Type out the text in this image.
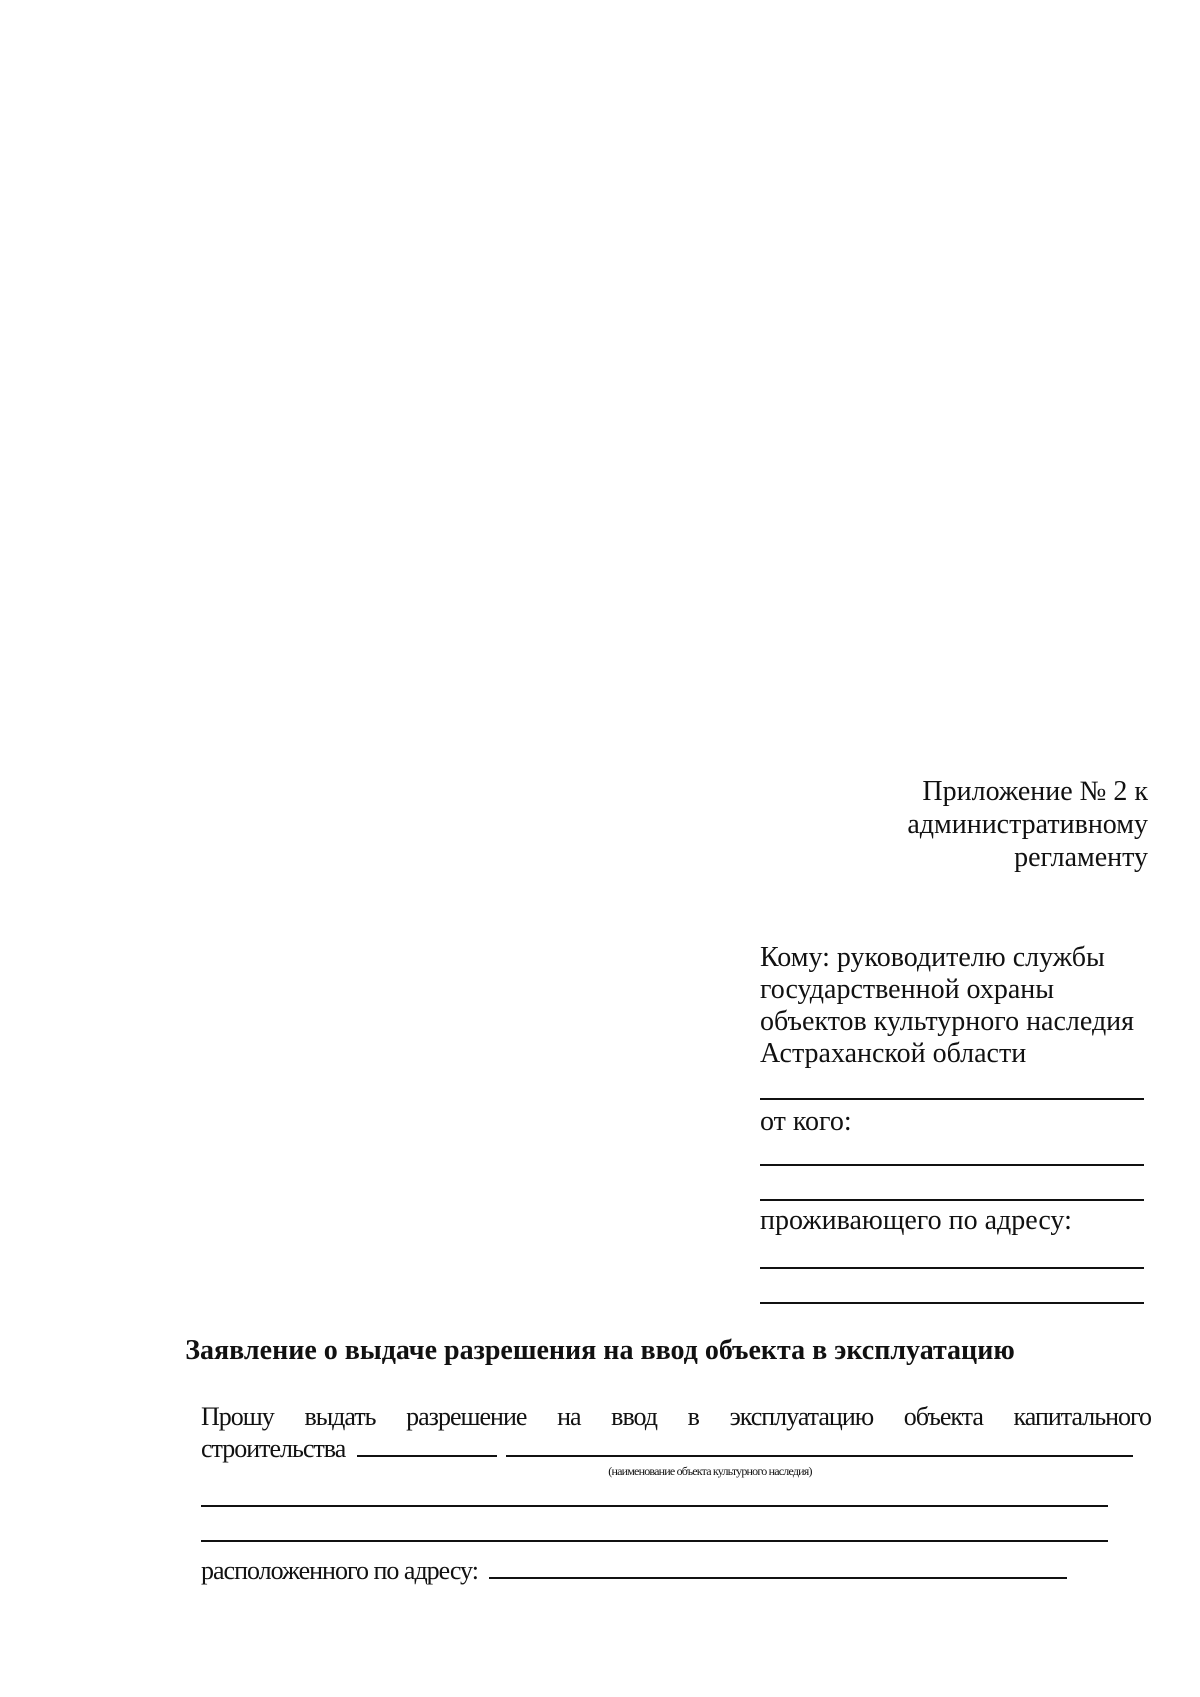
Приложение № 2 к
административному
регламенту
Кому: руководителю службы
государственной охраны
объектов культурного наследия
Астраханской области
от кого:
проживающего по адресу:
Заявление о выдаче разрешения на ввод объекта в эксплуатацию
Прошу выдать разрешение на ввод в эксплуатацию объекта капитального
строительства
(наименование объекта культурного наследия)
расположенного по адресу:
